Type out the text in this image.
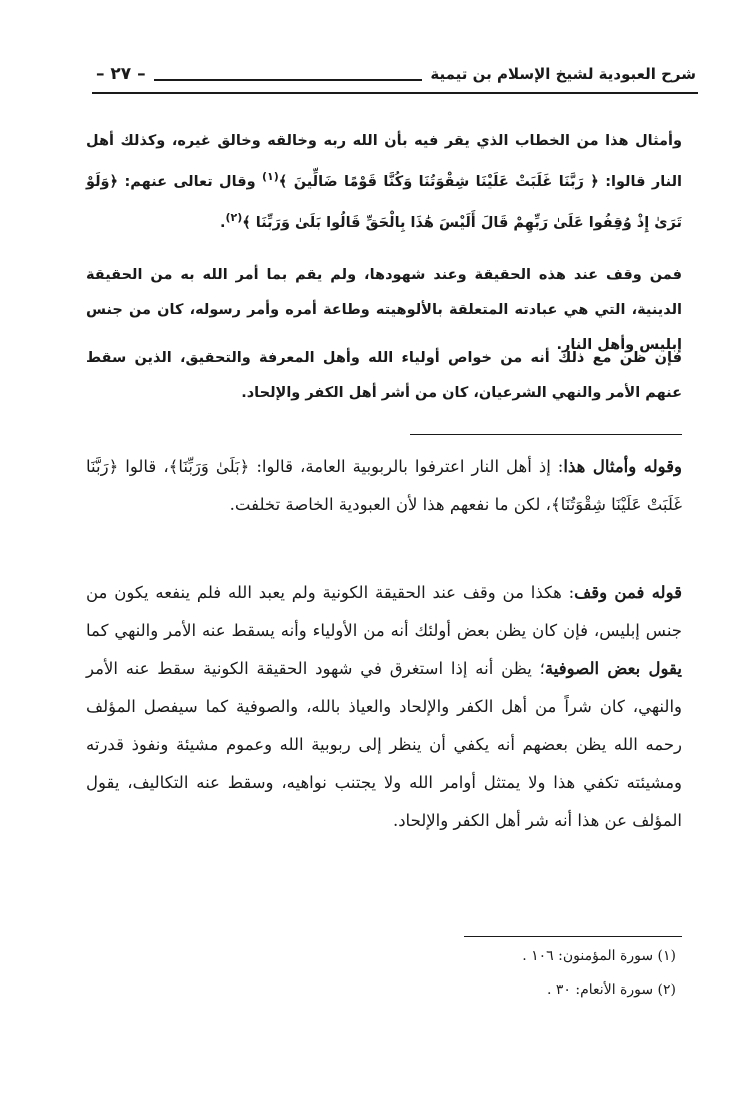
شرح العبودية لشيخ الإسلام بن تيمية
– ٢٧ –

وأمثال هذا من الخطاب الذي يقر فيه بأن الله ربه وخالقه وخالق غيره، وكذلك أهل النار قالوا: ﴿ رَبَّنَا غَلَبَتْ عَلَيْنَا شِقْوَتُنَا وَكُنَّا قَوْمًا ضَالِّينَ ﴾$^{(١)}$ وقال تعالى عنهم: ﴿وَلَوْ تَرَىٰ إِذْ وُقِفُوا عَلَىٰ رَبِّهِمْ قَالَ أَلَيْسَ هَٰذَا بِالْحَقِّ قَالُوا بَلَىٰ وَرَبِّنَا ﴾$^{(٢)}$.

فمن وقف عند هذه الحقيقة وعند شهودها، ولم يقم بما أمر الله به من الحقيقة الدينية، التي هي عبادته المتعلقة بالألوهيته وطاعة أمره وأمر رسوله، كان من جنس إبليس وأهل النار.

فإن ظن مع ذلك أنه من خواص أولياء الله وأهل المعرفة والتحقيق، الذين سقط عنهم الأمر والنهي الشرعيان، كان من أشر أهل الكفر والإلحاد.

وقوله وأمثال هذا: إذ أهل النار اعترفوا بالربوبية العامة، قالوا: ﴿بَلَىٰ وَرَبِّنَا﴾، قالوا ﴿رَبَّنَا غَلَبَتْ عَلَيْنَا شِقْوَتُنَا﴾، لكن ما نفعهم هذا لأن العبودية الخاصة تخلفت.

قوله فمن وقف: هكذا من وقف عند الحقيقة الكونية ولم يعبد الله فلم ينفعه يكون من جنس إبليس، فإن كان يظن بعض أولئك أنه من الأولياء وأنه يسقط عنه الأمر والنهي كما يقول بعض الصوفية؛ يظن أنه إذا استغرق في شهود الحقيقة الكونية سقط عنه الأمر والنهي، كان شراً من أهل الكفر والإلحاد والعياذ بالله، والصوفية كما سيفصل المؤلف رحمه الله يظن بعضهم أنه يكفي أن ينظر إلى ربوبية الله وعموم مشيئة ونفوذ قدرته ومشيئته تكفي هذا ولا يمتثل أوامر الله ولا يجتنب نواهيه، وسقط عنه التكاليف، يقول المؤلف عن هذا أنه شر أهل الكفر والإلحاد.

(١) سورة المؤمنون: ١٠٦ .
(٢) سورة الأنعام: ٣٠ .
